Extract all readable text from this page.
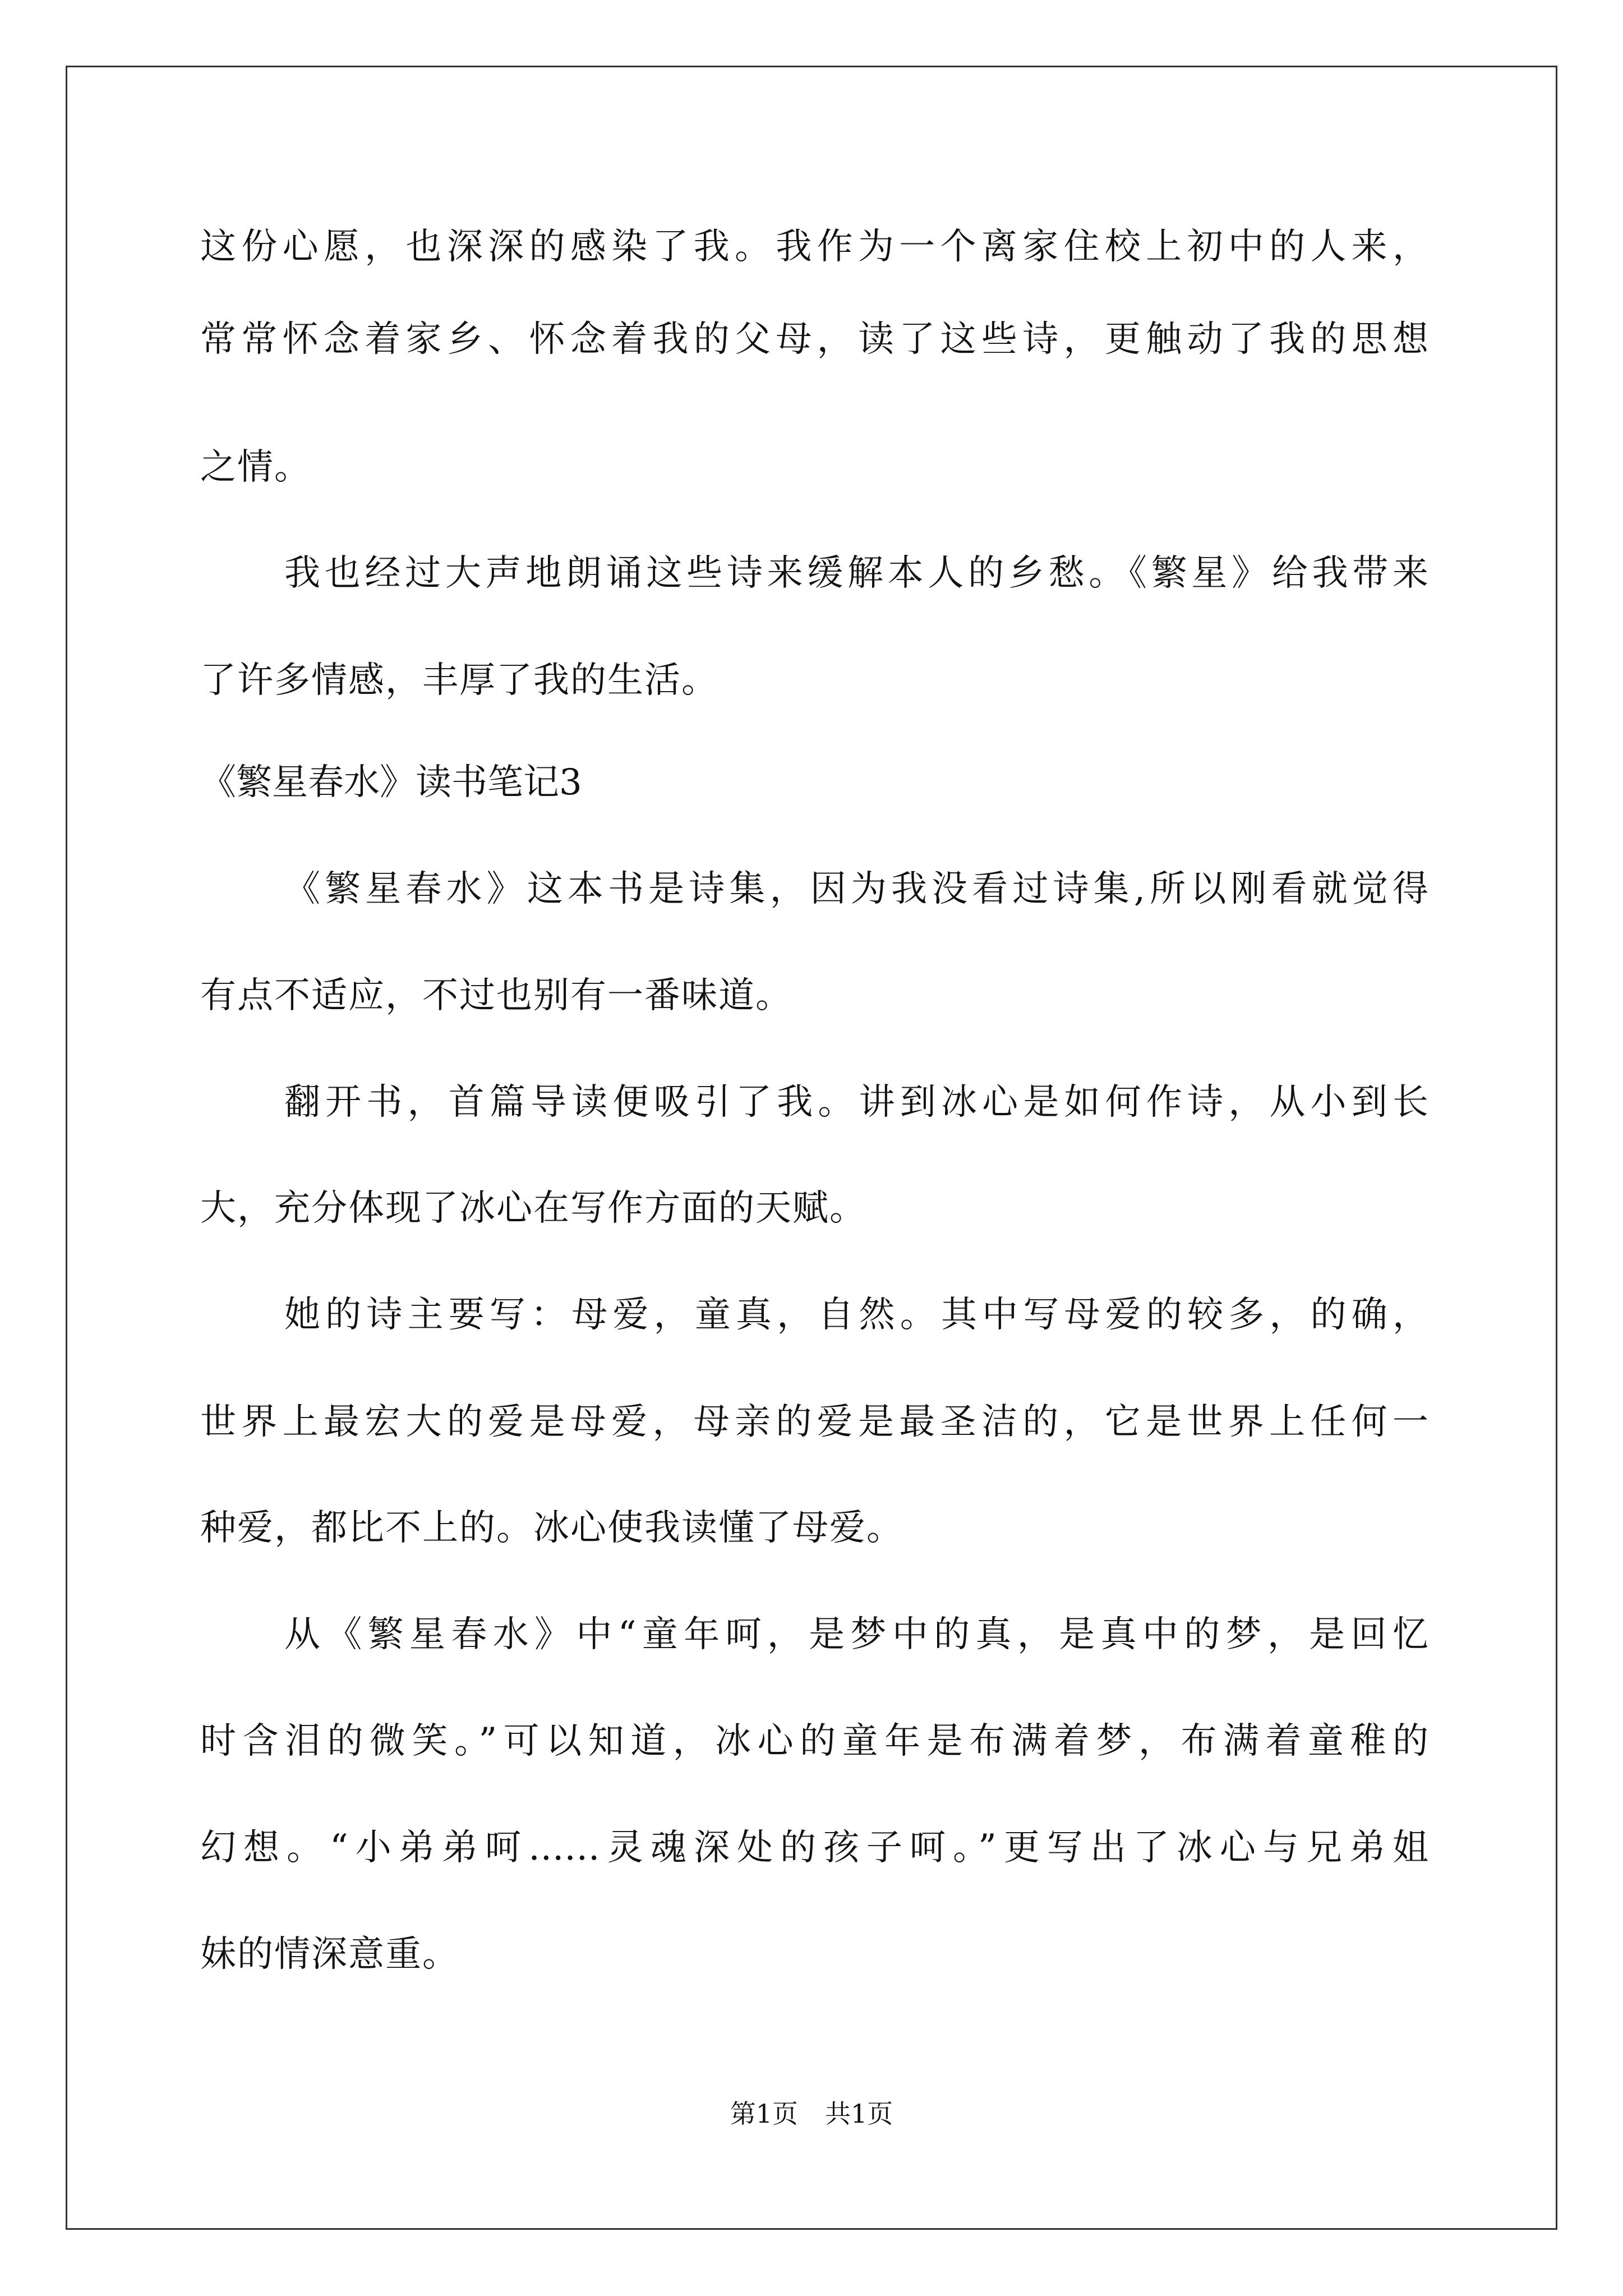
这份心愿，也深深的感染了我。我作为一个离家住校上初中的人来，

常常怀念着家乡、怀念着我的父母，读了这些诗，更触动了我的思想

之情。

我也经过大声地朗诵这些诗来缓解本人的乡愁。《繁星》给我带来

了许多情感，丰厚了我的生活。

《繁星春水》读书笔记3

《繁星春水》这本书是诗集，因为我没看过诗集,所以刚看就觉得

有点不适应，不过也别有一番味道。

翻开书，首篇导读便吸引了我。讲到冰心是如何作诗，从小到长

大，充分体现了冰心在写作方面的天赋。

她的诗主要写：母爱，童真，自然。其中写母爱的较多，的确，

世界上最宏大的爱是母爱，母亲的爱是最圣洁的，它是世界上任何一

种爱，都比不上的。冰心使我读懂了母爱。

从《繁星春水》中“童年呵，是梦中的真，是真中的梦，是回忆

时含泪的微笑。”可以知道，冰心的童年是布满着梦，布满着童稚的

幻想。“小弟弟呵……灵魂深处的孩子呵。”更写出了冰心与兄弟姐

妹的情深意重。

第1页 共1页
